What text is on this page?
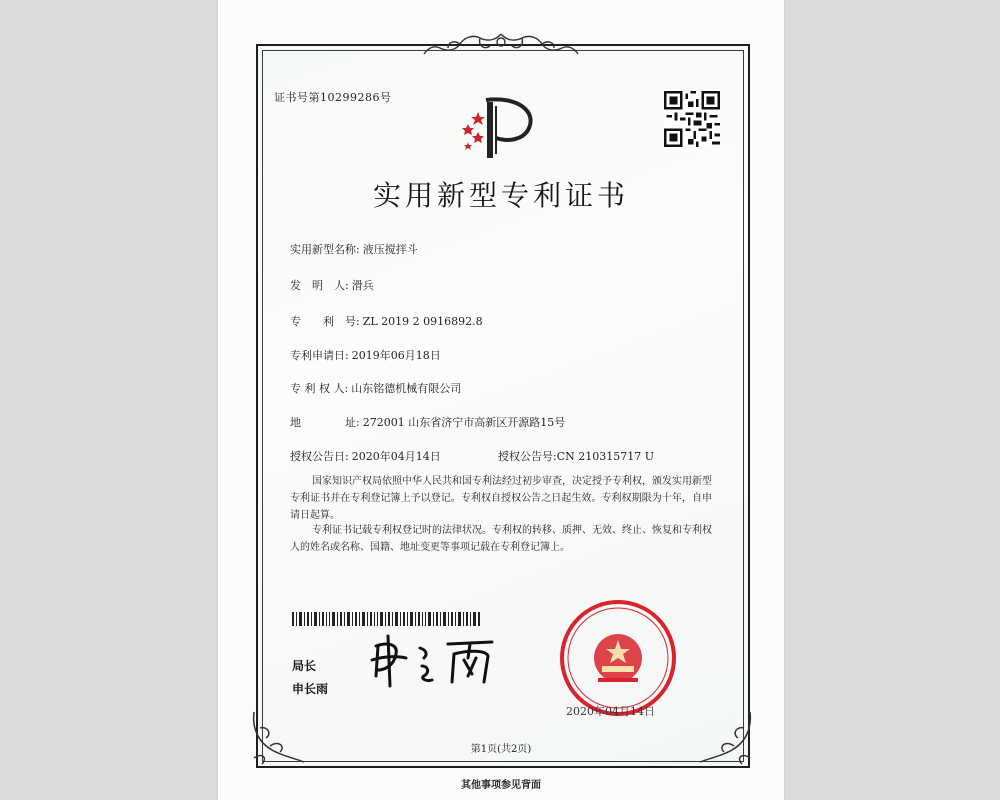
证书号第10299286号
实用新型专利证书
实用新型名称: 液压搅拌斗
发　明　人: 滑兵
专　　利　号: ZL 2019 2 0916892.8
专利申请日: 2019年06月18日
专 利 权 人: 山东铭德机械有限公司
地　　　　址: 272001 山东省济宁市高新区开源路15号
授权公告日: 2020年04月14日	授权公告号:CN 210315717 U
国家知识产权局依照中华人民共和国专利法经过初步审查，决定授予专利权，颁发实用新型专利证书并在专利登记簿上予以登记。专利权自授权公告之日起生效。专利权期限为十年，自申请日起算。
专利证书记载专利权登记时的法律状况。专利权的转移、质押、无效、终止、恢复和专利权人的姓名或名称、国籍、地址变更等事项记载在专利登记簿上。
局长
申长雨
2020年04月14日
第1页(共2页)
其他事项参见背面
